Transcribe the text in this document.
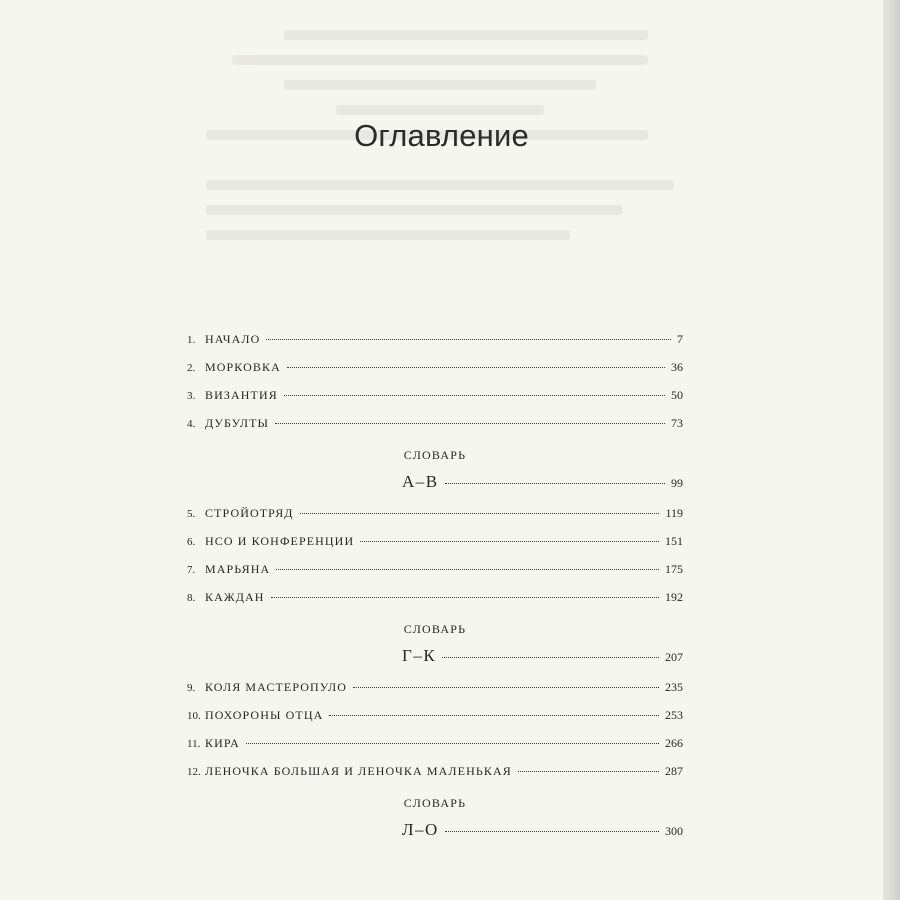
Оглавление
1. НАЧАЛО	7
2. МОРКОВКА	36
3. ВИЗАНТИЯ	50
4. ДУБУЛТЫ	73
СЛОВАРЬ
А–В	99
5. СТРОЙОТРЯД	119
6. НСО И КОНФЕРЕНЦИИ	151
7. МАРЬЯНА	175
8. КАЖДАН	192
СЛОВАРЬ
Г–К	207
9. КОЛЯ МАСТЕРОПУЛО	235
10. ПОХОРОНЫ ОТЦА	253
11. КИРА	266
12. ЛЕНОЧКА БОЛЬШАЯ И ЛЕНОЧКА МАЛЕНЬКАЯ	287
СЛОВАРЬ
Л–О	300
